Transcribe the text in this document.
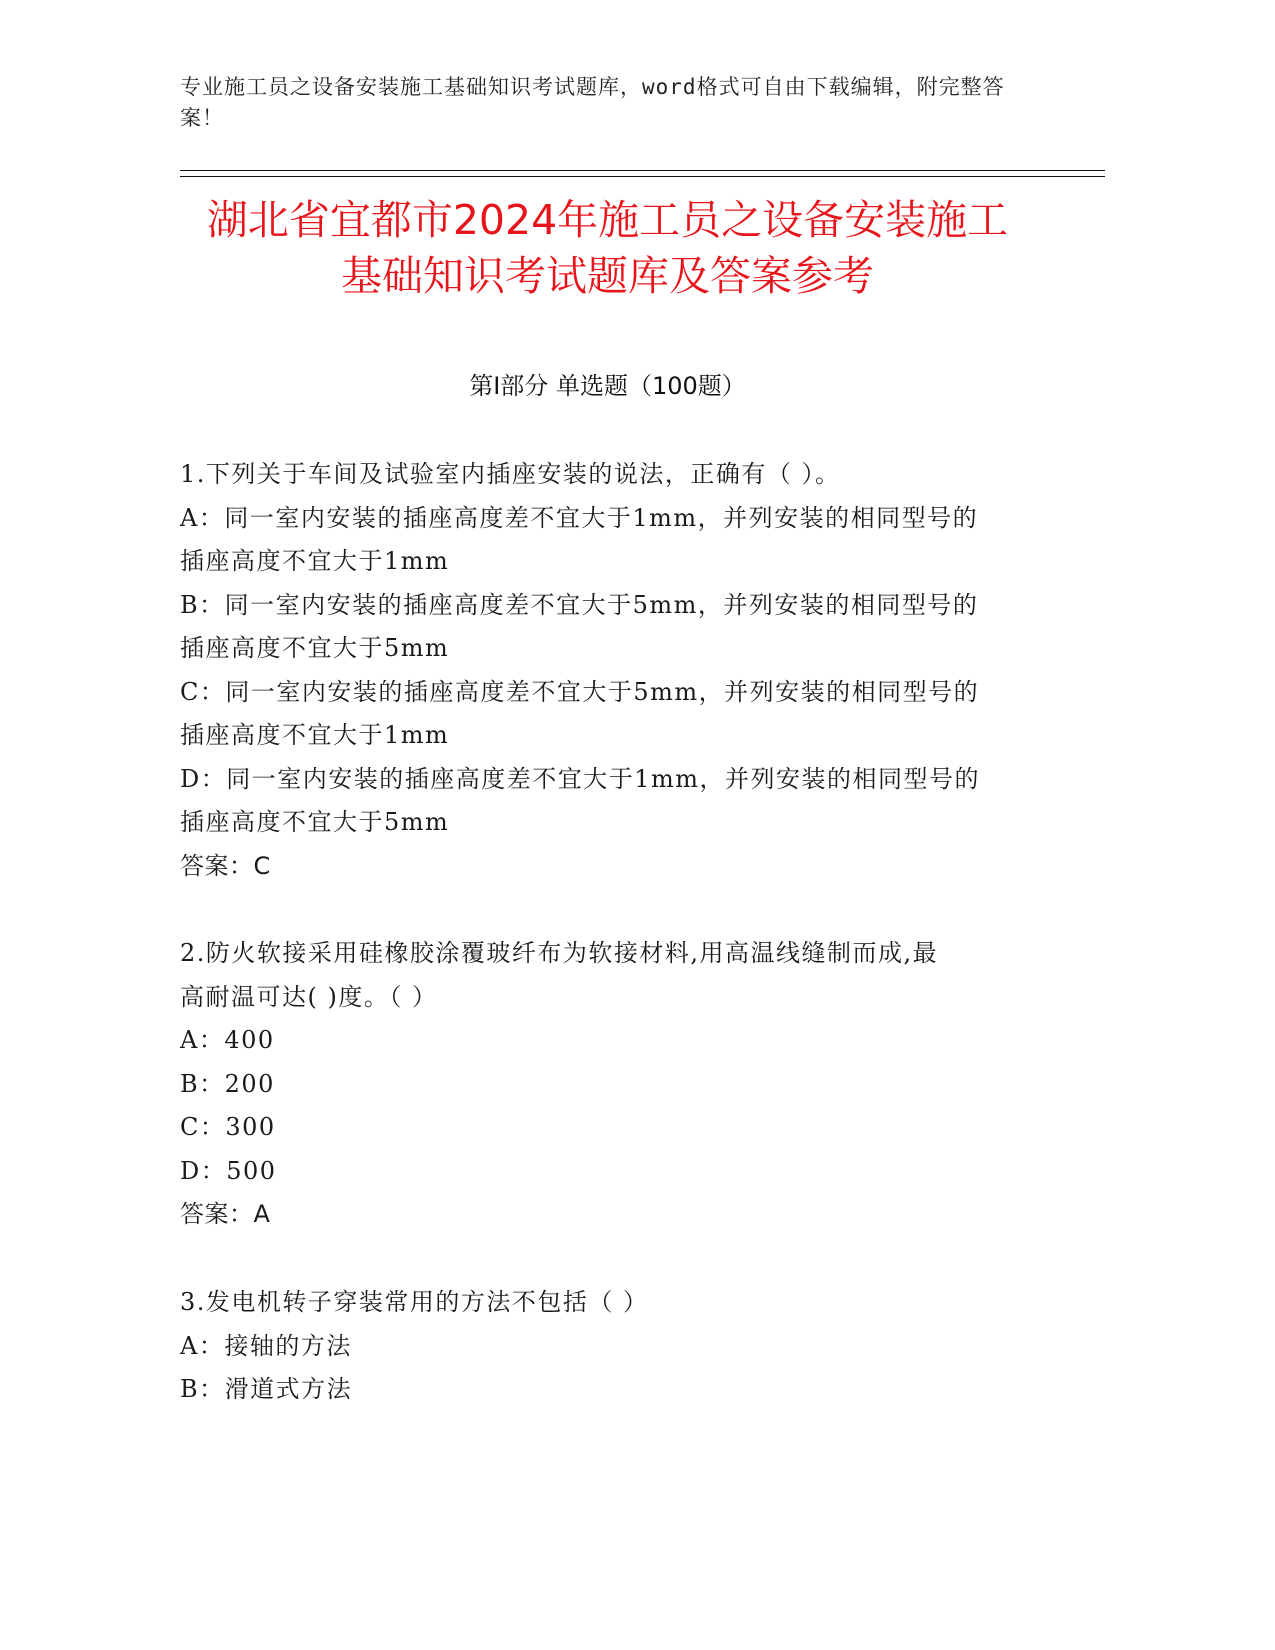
专业施工员之设备安装施工基础知识考试题库，word格式可自由下载编辑，附完整答案！
湖北省宜都市2024年施工员之设备安装施工
基础知识考试题库及答案参考
第Ⅰ部分 单选题（100题）
1.下列关于车间及试验室内插座安装的说法，正确有（ ）。
A：同一室内安装的插座高度差不宜大于1mm，并列安装的相同型号的
插座高度不宜大于1mm
B：同一室内安装的插座高度差不宜大于5mm，并列安装的相同型号的
插座高度不宜大于5mm
C：同一室内安装的插座高度差不宜大于5mm，并列安装的相同型号的
插座高度不宜大于1mm
D：同一室内安装的插座高度差不宜大于1mm，并列安装的相同型号的
插座高度不宜大于5mm
答案：C
2.防火软接采用硅橡胶涂覆玻纤布为软接材料,用高温线缝制而成,最
高耐温可达( )度。（ ）
A：400
B：200
C：300
D：500
答案：A
3.发电机转子穿装常用的方法不包括（ ）
A：接轴的方法
B：滑道式方法
